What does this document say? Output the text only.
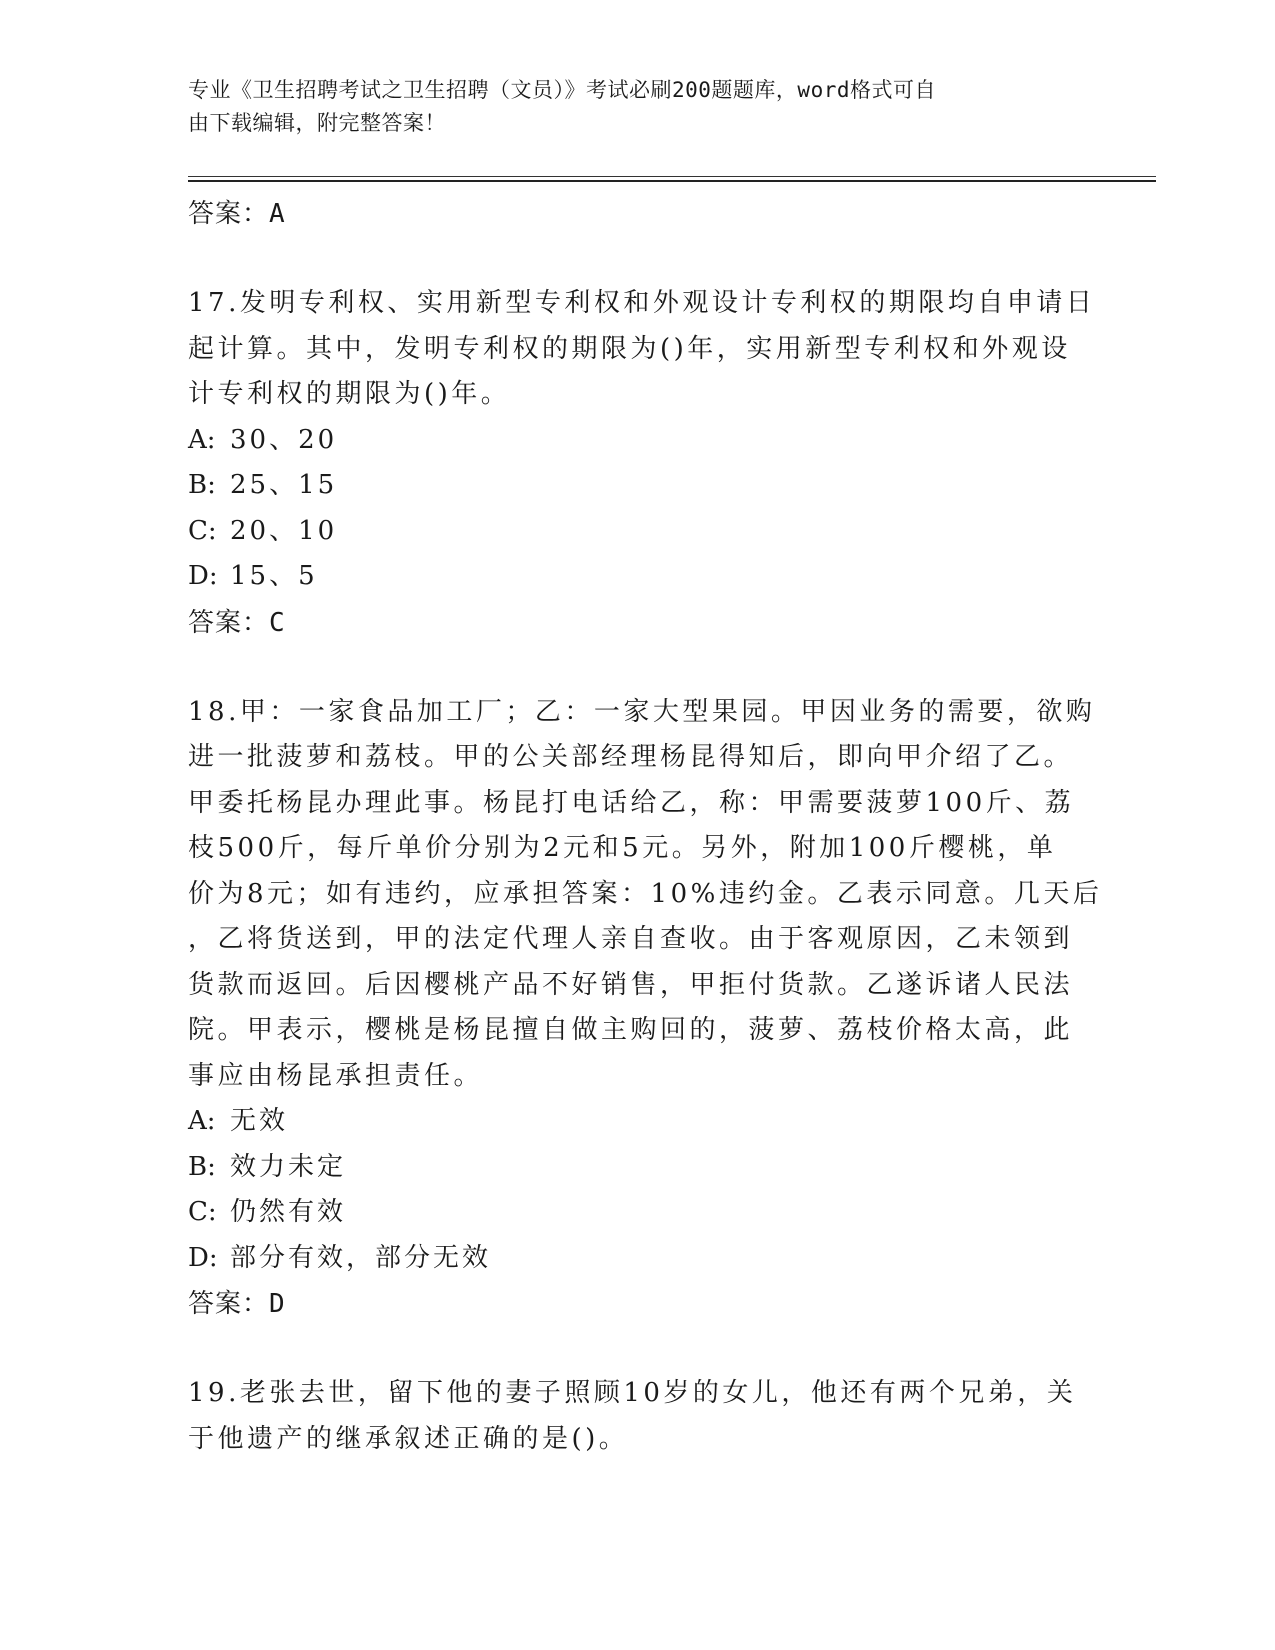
专业《卫生招聘考试之卫生招聘（文员）》考试必刷200题题库，word格式可自
由下载编辑，附完整答案！
答案：A
17.发明专利权、实用新型专利权和外观设计专利权的期限均自申请日
起计算。其中，发明专利权的期限为()年，实用新型专利权和外观设
计专利权的期限为()年。
A: 30、20
B: 25、15
C: 20、10
D: 15、5
答案：C
18.甲：一家食品加工厂；乙：一家大型果园。甲因业务的需要，欲购
进一批菠萝和荔枝。甲的公关部经理杨昆得知后，即向甲介绍了乙。
甲委托杨昆办理此事。杨昆打电话给乙，称：甲需要菠萝100斤、荔
枝500斤，每斤单价分别为2元和5元。另外，附加100斤樱桃，单
价为8元；如有违约，应承担答案：10%违约金。乙表示同意。几天后
，乙将货送到，甲的法定代理人亲自查收。由于客观原因，乙未领到
货款而返回。后因樱桃产品不好销售，甲拒付货款。乙遂诉诸人民法
院。甲表示，樱桃是杨昆擅自做主购回的，菠萝、荔枝价格太高，此
事应由杨昆承担责任。
A: 无效
B: 效力未定
C: 仍然有效
D: 部分有效，部分无效
答案：D
19.老张去世，留下他的妻子照顾10岁的女儿，他还有两个兄弟，关
于他遗产的继承叙述正确的是()。
